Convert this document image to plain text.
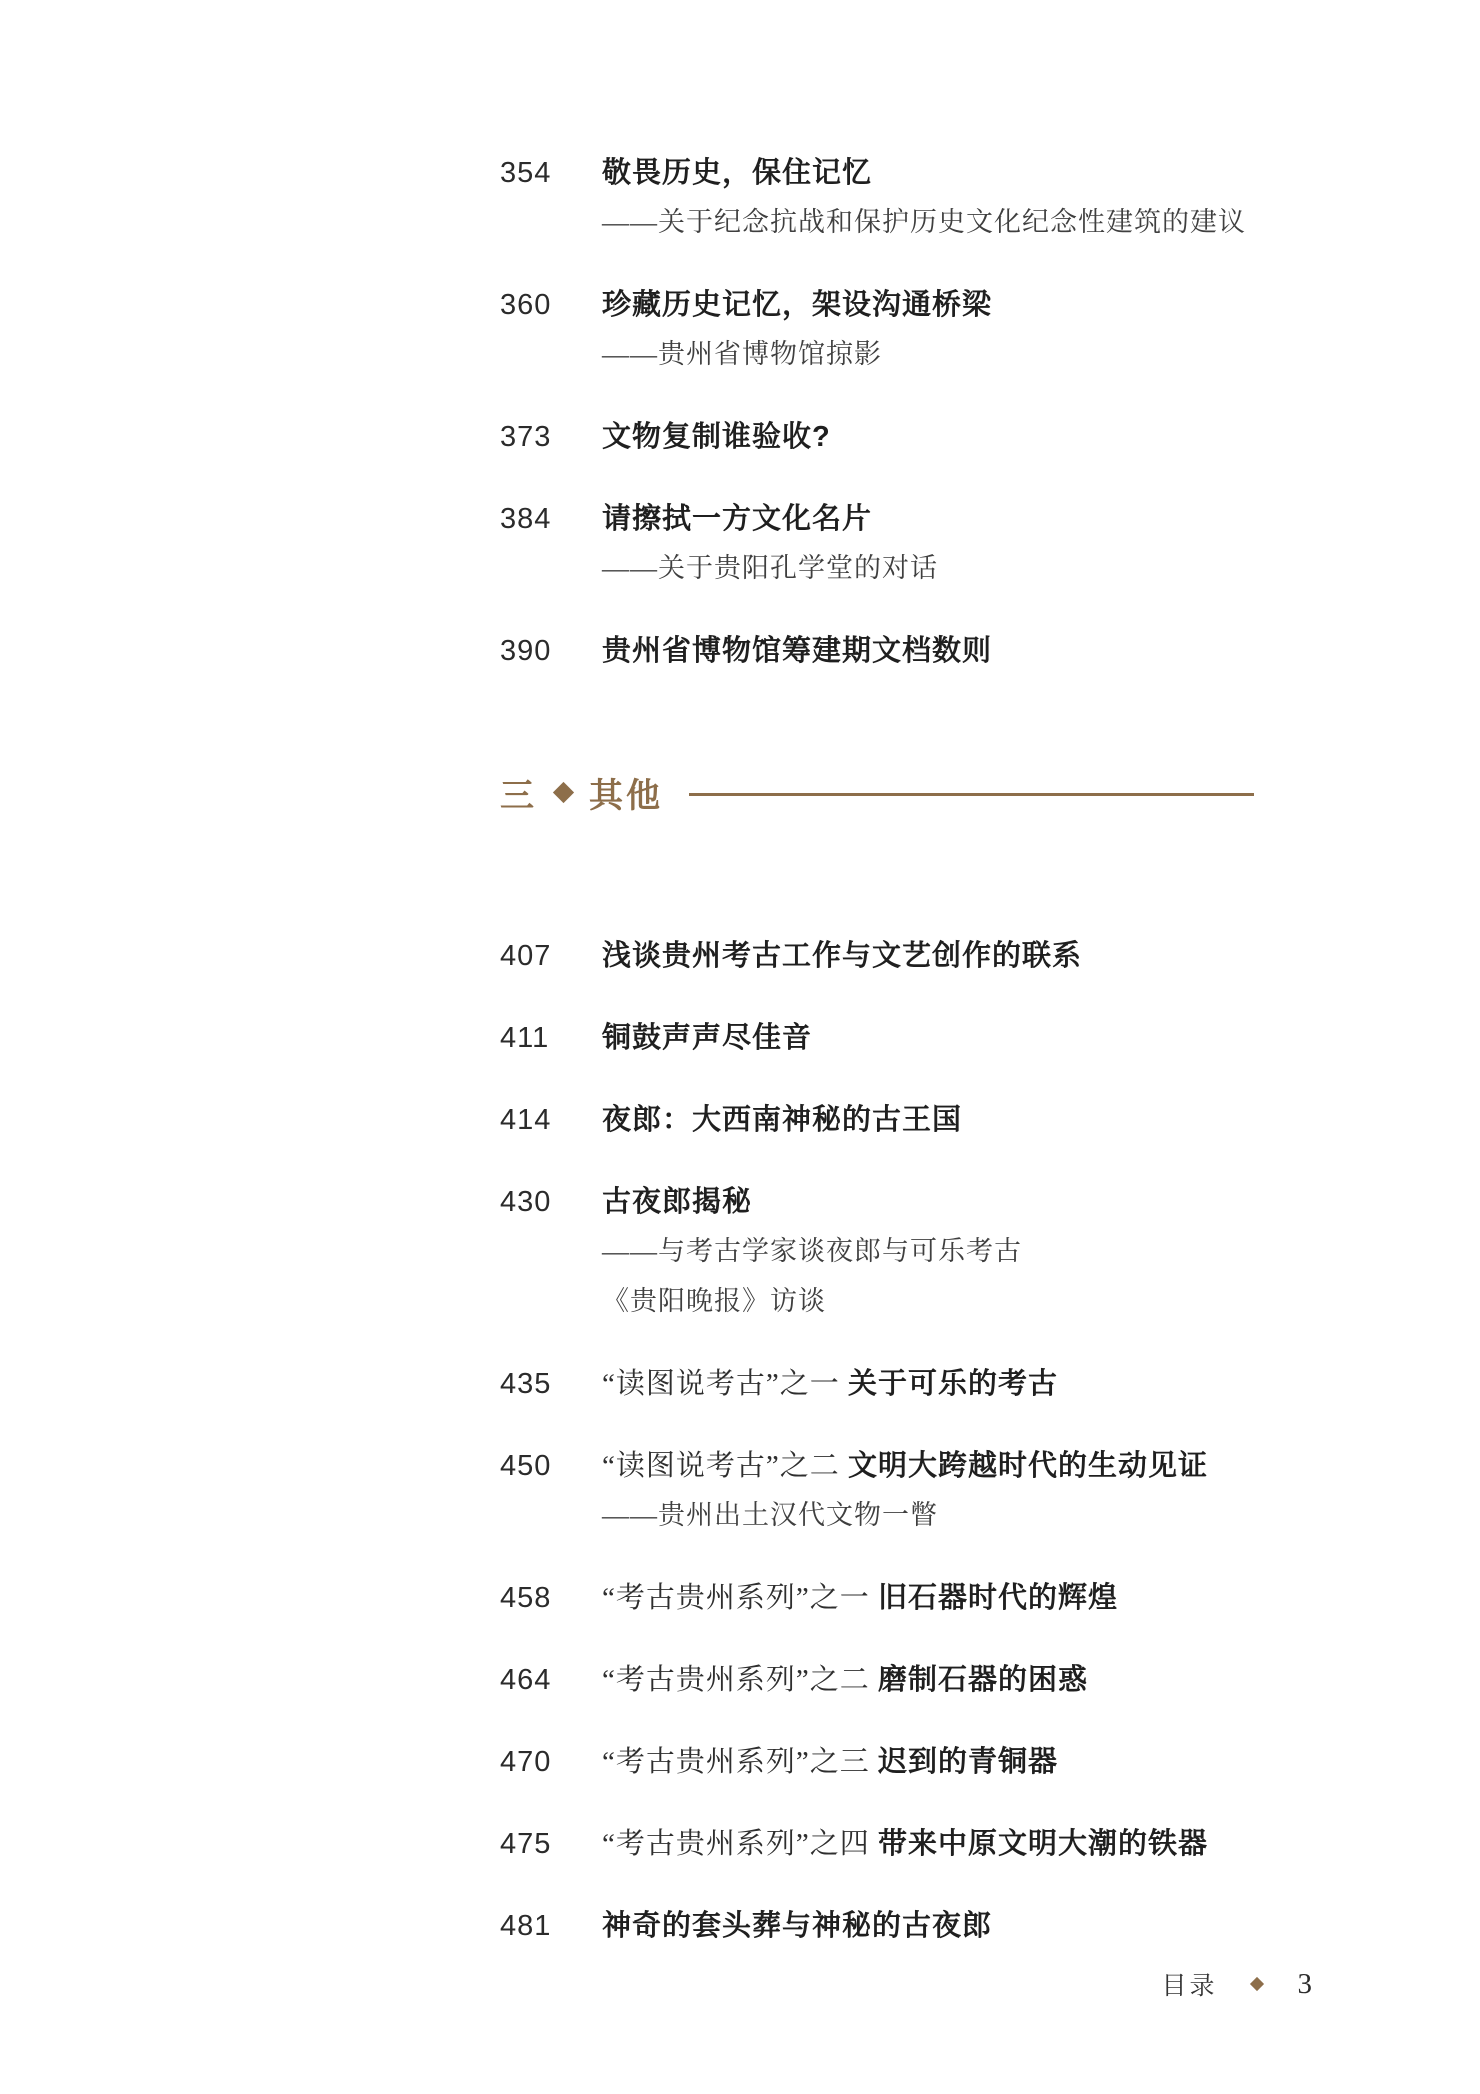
354	敬畏历史，保住记忆
——关于纪念抗战和保护历史文化纪念性建筑的建议
360	珍藏历史记忆，架设沟通桥梁
——贵州省博物馆掠影
373	文物复制谁验收?
384	请擦拭一方文化名片
——关于贵阳孔学堂的对话
390	贵州省博物馆筹建期文档数则
三 其他
407	浅谈贵州考古工作与文艺创作的联系
411	铜鼓声声尽佳音
414	夜郎：大西南神秘的古王国
430	古夜郎揭秘
——与考古学家谈夜郎与可乐考古
《贵阳晚报》访谈
435	“读图说考古”之一 关于可乐的考古
450	“读图说考古”之二 文明大跨越时代的生动见证
——贵州出土汉代文物一瞥
458	“考古贵州系列”之一 旧石器时代的辉煌
464	“考古贵州系列”之二 磨制石器的困惑
470	“考古贵州系列”之三 迟到的青铜器
475	“考古贵州系列”之四 带来中原文明大潮的铁器
481	神奇的套头葬与神秘的古夜郎
目录	3
